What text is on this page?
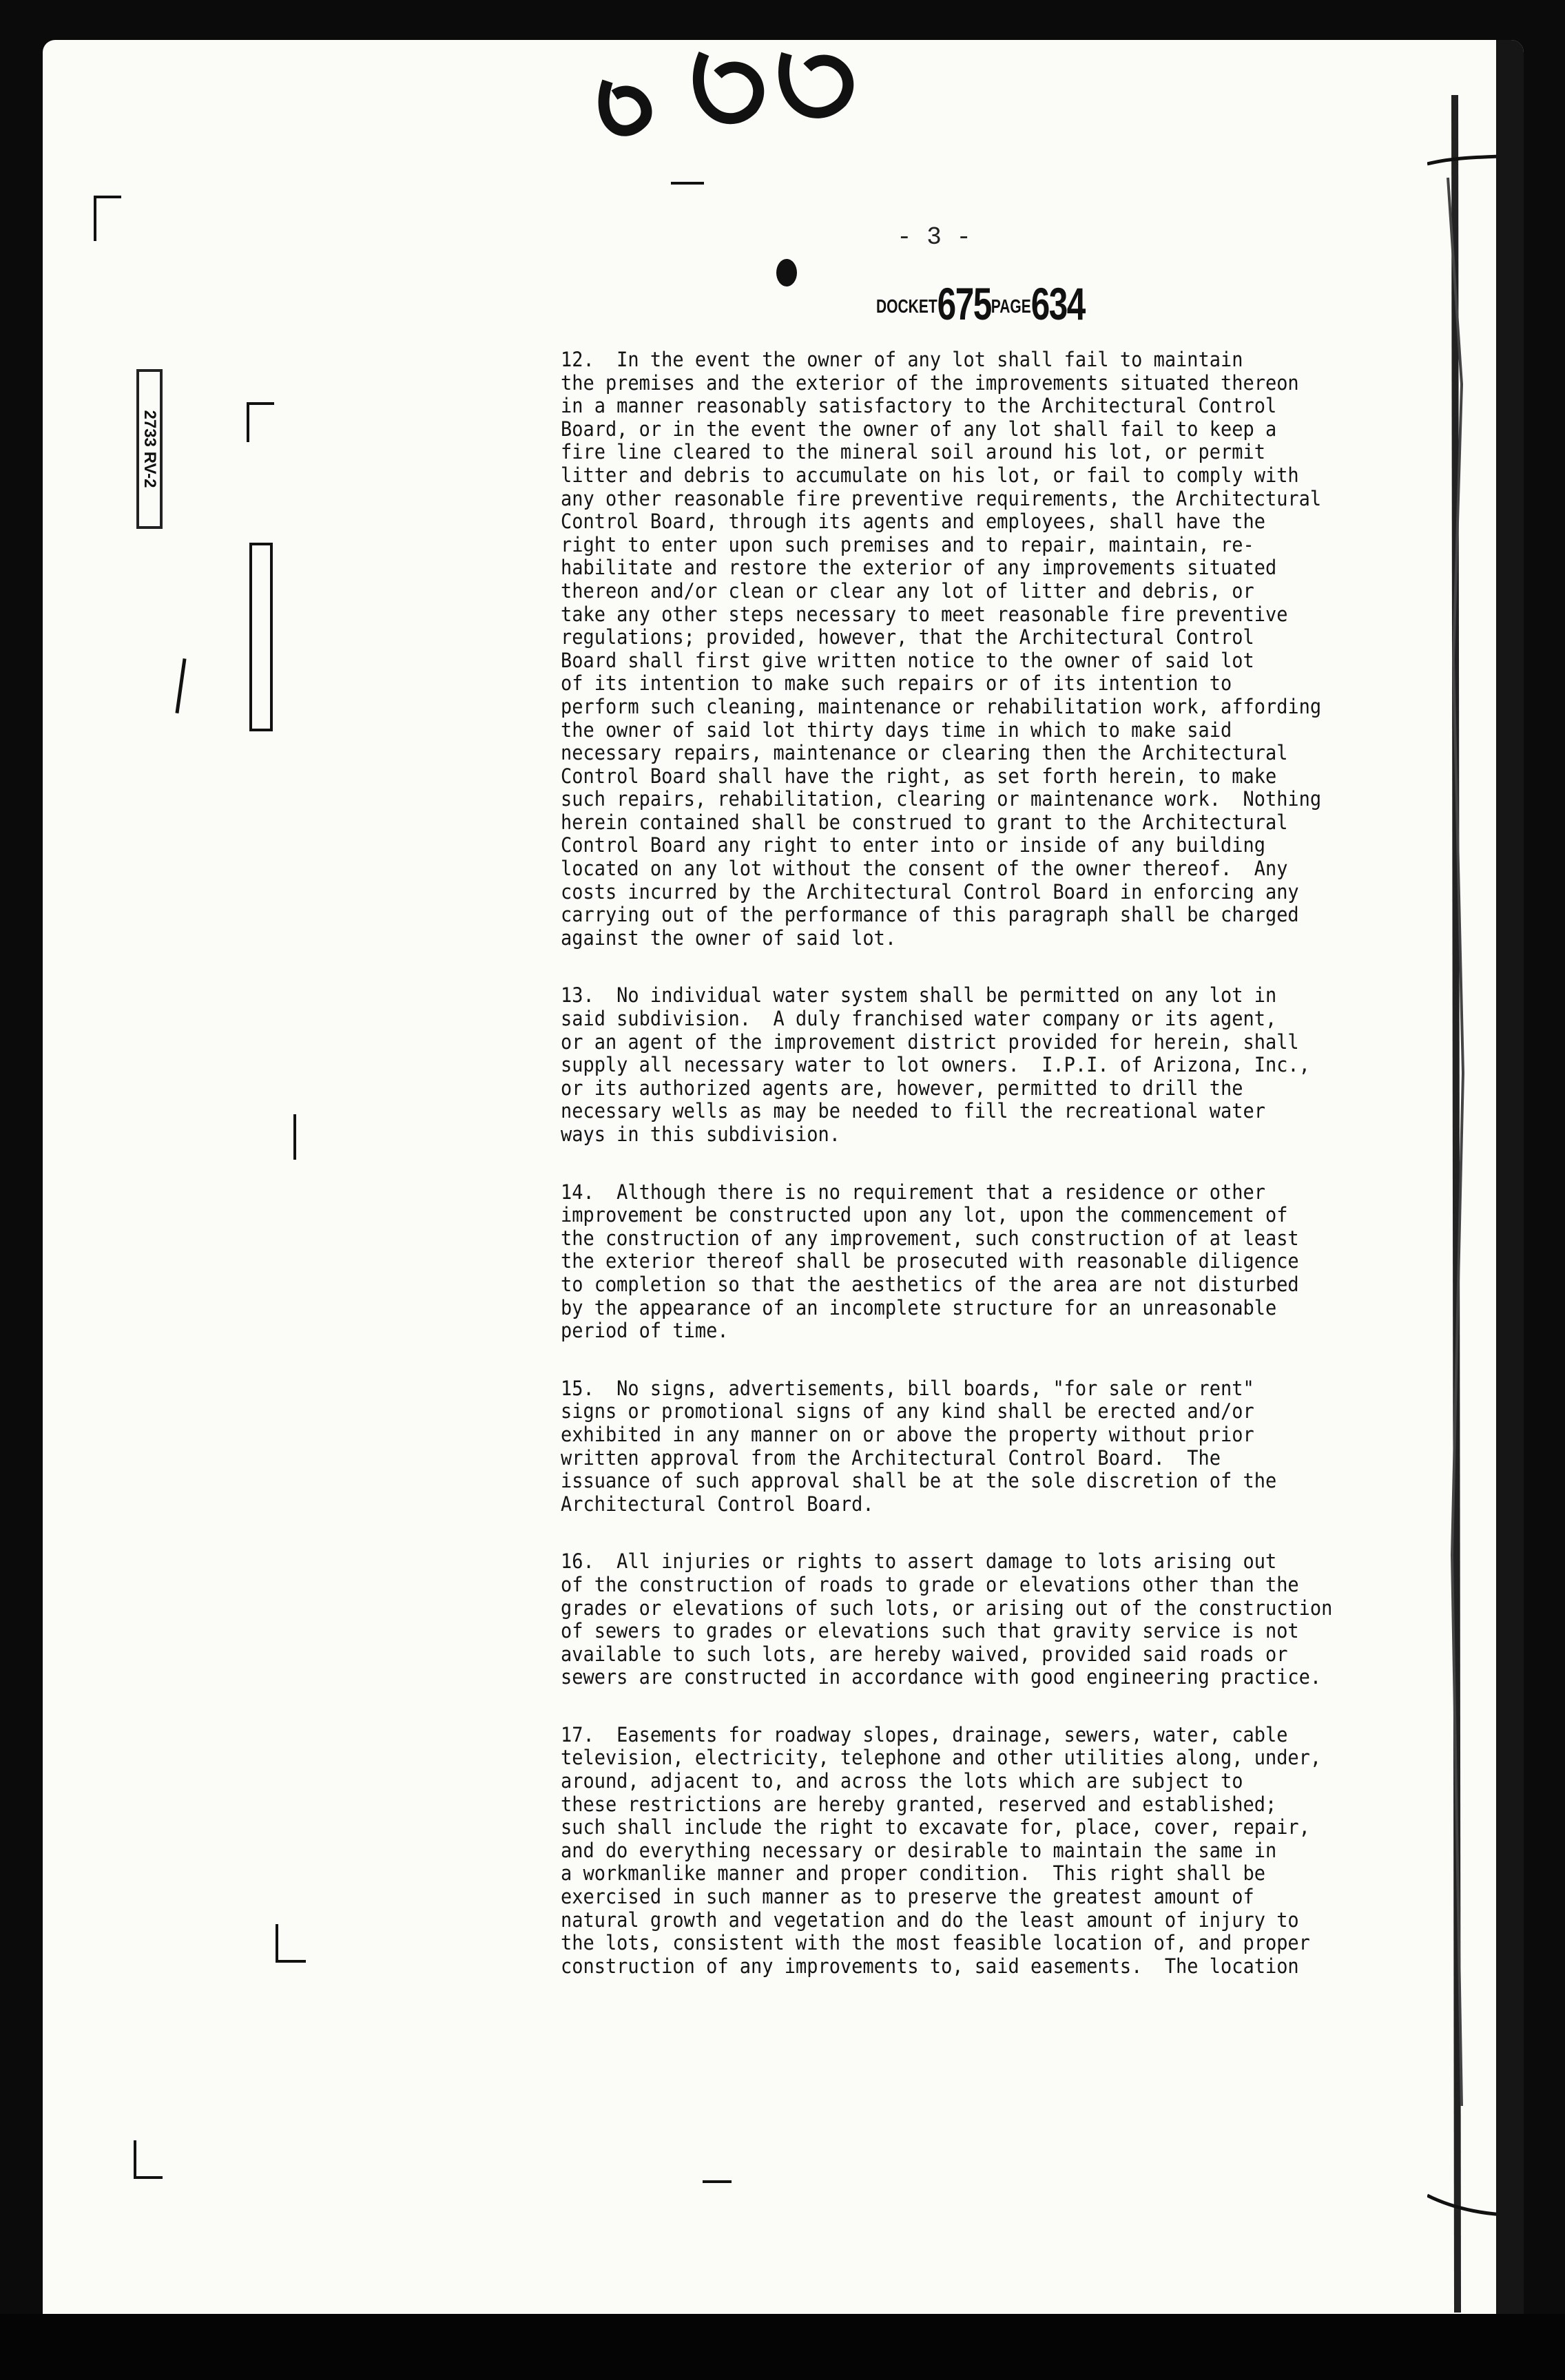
- 3 -
DOCKET675PAGE634
2733 RV-2
12.  In the event the owner of any lot shall fail to maintain
the premises and the exterior of the improvements situated thereon
in a manner reasonably satisfactory to the Architectural Control
Board, or in the event the owner of any lot shall fail to keep a
fire line cleared to the mineral soil around his lot, or permit
litter and debris to accumulate on his lot, or fail to comply with
any other reasonable fire preventive requirements, the Architectural
Control Board, through its agents and employees, shall have the
right to enter upon such premises and to repair, maintain, re-
habilitate and restore the exterior of any improvements situated
thereon and/or clean or clear any lot of litter and debris, or
take any other steps necessary to meet reasonable fire preventive
regulations; provided, however, that the Architectural Control
Board shall first give written notice to the owner of said lot
of its intention to make such repairs or of its intention to
perform such cleaning, maintenance or rehabilitation work, affording
the owner of said lot thirty days time in which to make said
necessary repairs, maintenance or clearing then the Architectural
Control Board shall have the right, as set forth herein, to make
such repairs, rehabilitation, clearing or maintenance work.  Nothing
herein contained shall be construed to grant to the Architectural
Control Board any right to enter into or inside of any building
located on any lot without the consent of the owner thereof.  Any
costs incurred by the Architectural Control Board in enforcing any
carrying out of the performance of this paragraph shall be charged
against the owner of said lot.
13.  No individual water system shall be permitted on any lot in
said subdivision.  A duly franchised water company or its agent,
or an agent of the improvement district provided for herein, shall
supply all necessary water to lot owners.  I.P.I. of Arizona, Inc.,
or its authorized agents are, however, permitted to drill the
necessary wells as may be needed to fill the recreational water
ways in this subdivision.
14.  Although there is no requirement that a residence or other
improvement be constructed upon any lot, upon the commencement of
the construction of any improvement, such construction of at least
the exterior thereof shall be prosecuted with reasonable diligence
to completion so that the aesthetics of the area are not disturbed
by the appearance of an incomplete structure for an unreasonable
period of time.
15.  No signs, advertisements, bill boards, "for sale or rent"
signs or promotional signs of any kind shall be erected and/or
exhibited in any manner on or above the property without prior
written approval from the Architectural Control Board.  The
issuance of such approval shall be at the sole discretion of the
Architectural Control Board.
16.  All injuries or rights to assert damage to lots arising out
of the construction of roads to grade or elevations other than the
grades or elevations of such lots, or arising out of the construction
of sewers to grades or elevations such that gravity service is not
available to such lots, are hereby waived, provided said roads or
sewers are constructed in accordance with good engineering practice.
17.  Easements for roadway slopes, drainage, sewers, water, cable
television, electricity, telephone and other utilities along, under,
around, adjacent to, and across the lots which are subject to
these restrictions are hereby granted, reserved and established;
such shall include the right to excavate for, place, cover, repair,
and do everything necessary or desirable to maintain the same in
a workmanlike manner and proper condition.  This right shall be
exercised in such manner as to preserve the greatest amount of
natural growth and vegetation and do the least amount of injury to
the lots, consistent with the most feasible location of, and proper
construction of any improvements to, said easements.  The location
